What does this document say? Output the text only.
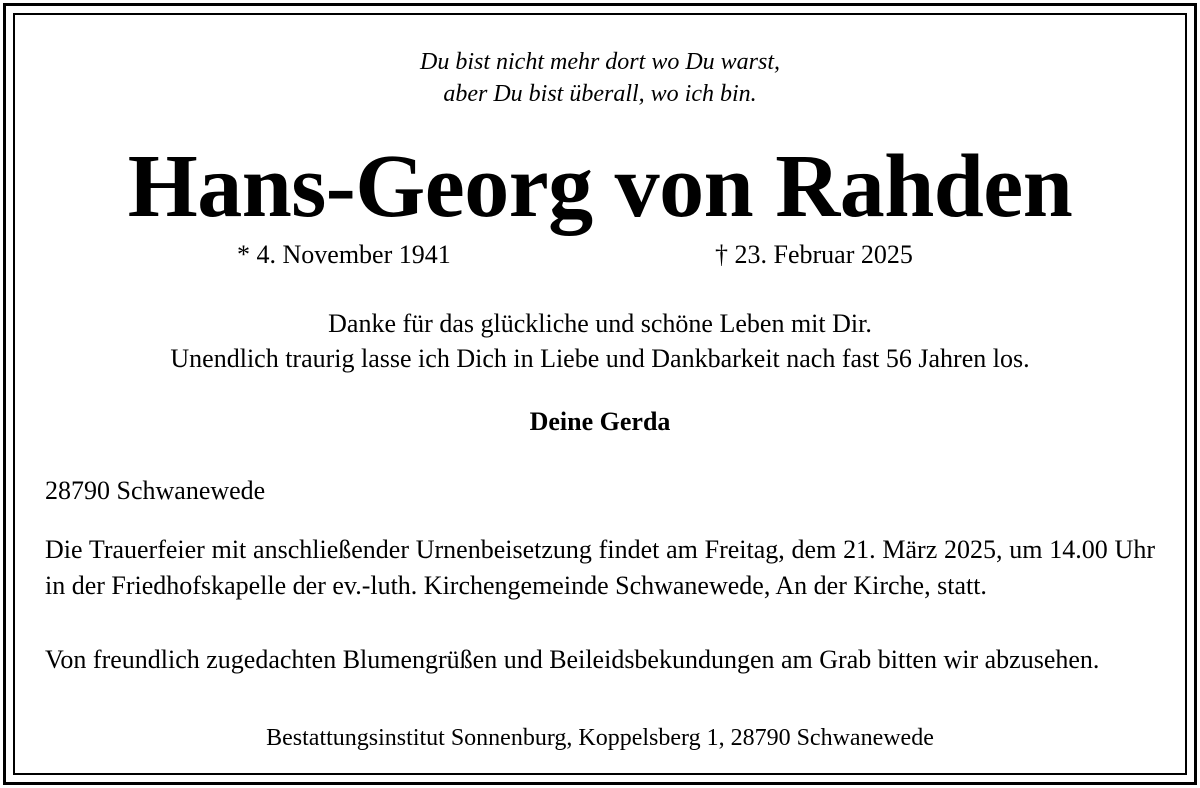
Du bist nicht mehr dort wo Du warst,
aber Du bist überall, wo ich bin.
Hans-Georg von Rahden
* 4. November 1941	† 23. Februar 2025
Danke für das glückliche und schöne Leben mit Dir.
Unendlich traurig lasse ich Dich in Liebe und Dankbarkeit nach fast 56 Jahren los.
Deine Gerda
28790 Schwanewede
Die Trauerfeier mit anschließender Urnenbeisetzung findet am Freitag, dem 21. März 2025, um 14.00 Uhr in der Friedhofskapelle der ev.-luth. Kirchengemeinde Schwanewede, An der Kirche, statt.
Von freundlich zugedachten Blumengrüßen und Beileidsbekundungen am Grab bitten wir abzusehen.
Bestattungsinstitut Sonnenburg, Koppelsberg 1, 28790 Schwanewede
